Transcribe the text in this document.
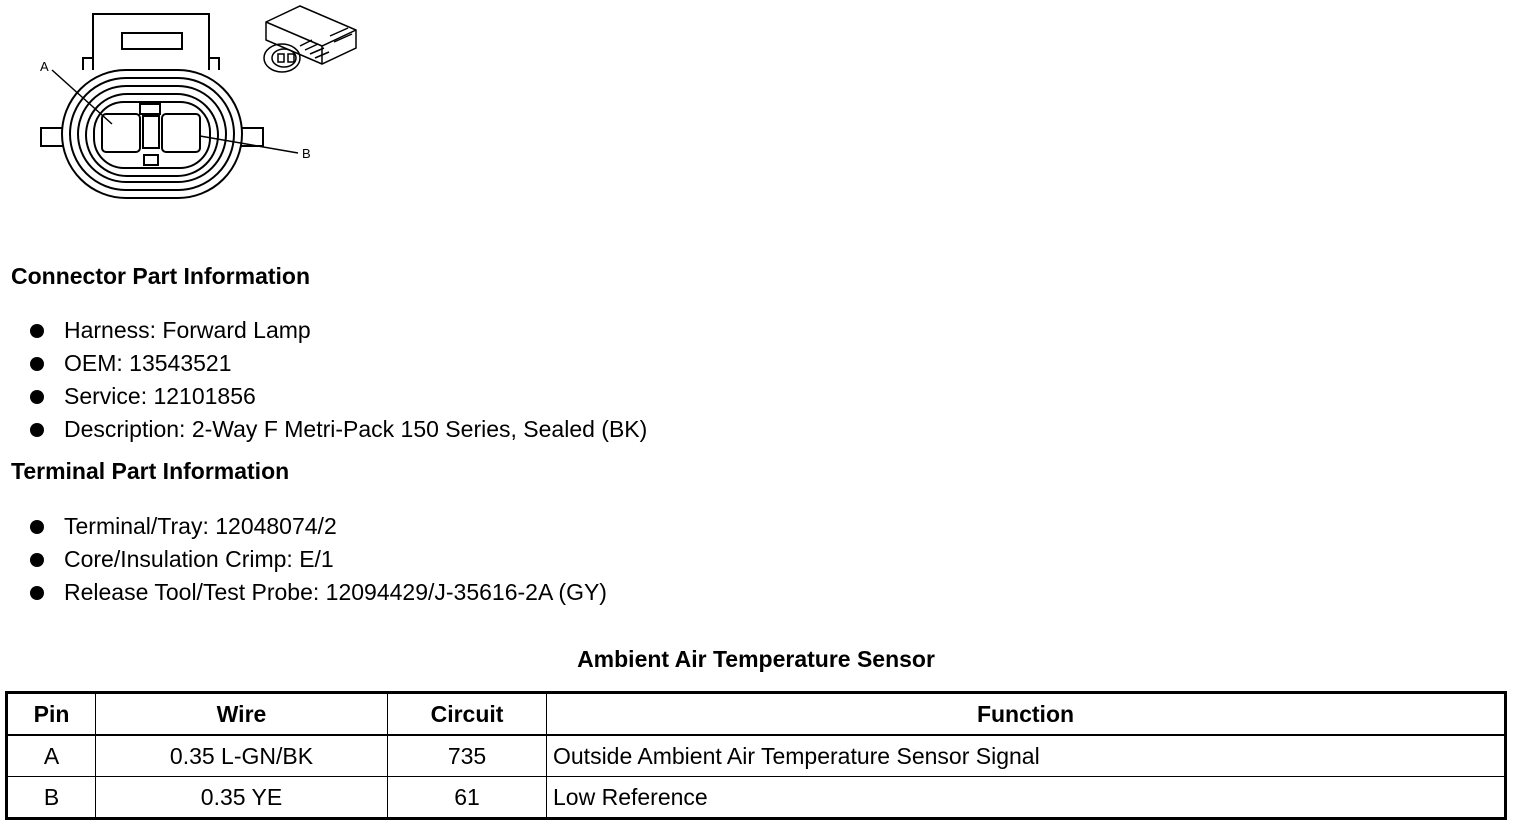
A
B
Connector Part Information
Harness: Forward Lamp
OEM: 13543521
Service: 12101856
Description: 2-Way F Metri-Pack 150 Series, Sealed (BK)
Terminal Part Information
Terminal/Tray: 12048074/2
Core/Insulation Crimp: E/1
Release Tool/Test Probe: 12094429/J-35616-2A (GY)
Ambient Air Temperature Sensor
Pin	Wire	Circuit	Function
A	0.35 L-GN/BK	735	Outside Ambient Air Temperature Sensor Signal
B	0.35 YE	61	Low Reference
